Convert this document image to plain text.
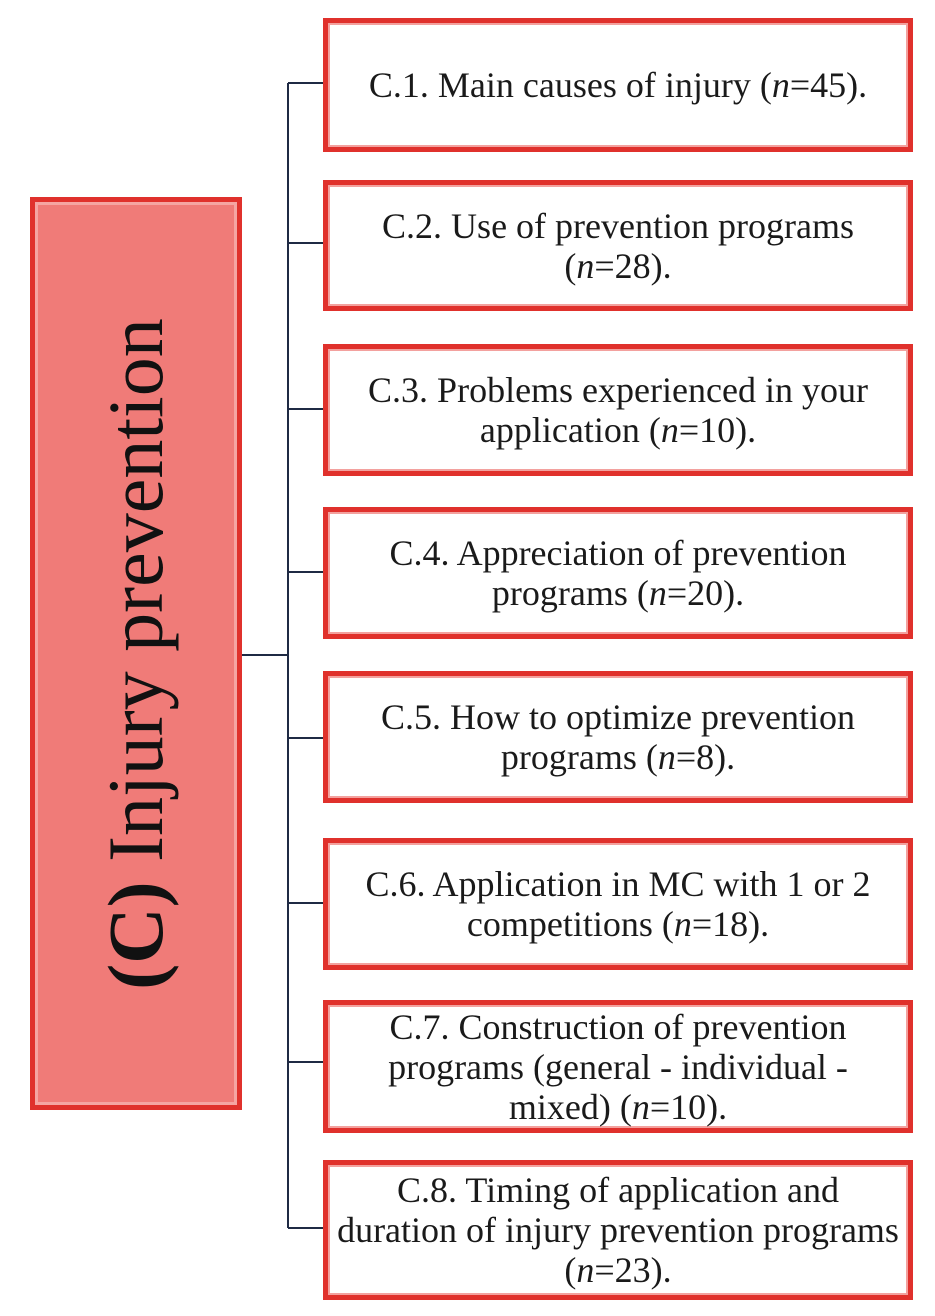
(C) Injury prevention
C.1. Main causes of injury (n=45).
C.2. Use of prevention programs (n=28).
C.3. Problems experienced in your application (n=10).
C.4. Appreciation of prevention programs (n=20).
C.5. How to optimize prevention programs (n=8).
C.6. Application in MC with 1 or 2 competitions (n=18).
C.7. Construction of prevention programs (general - individual - mixed) (n=10).
C.8. Timing of application and duration of injury prevention programs (n=23).
